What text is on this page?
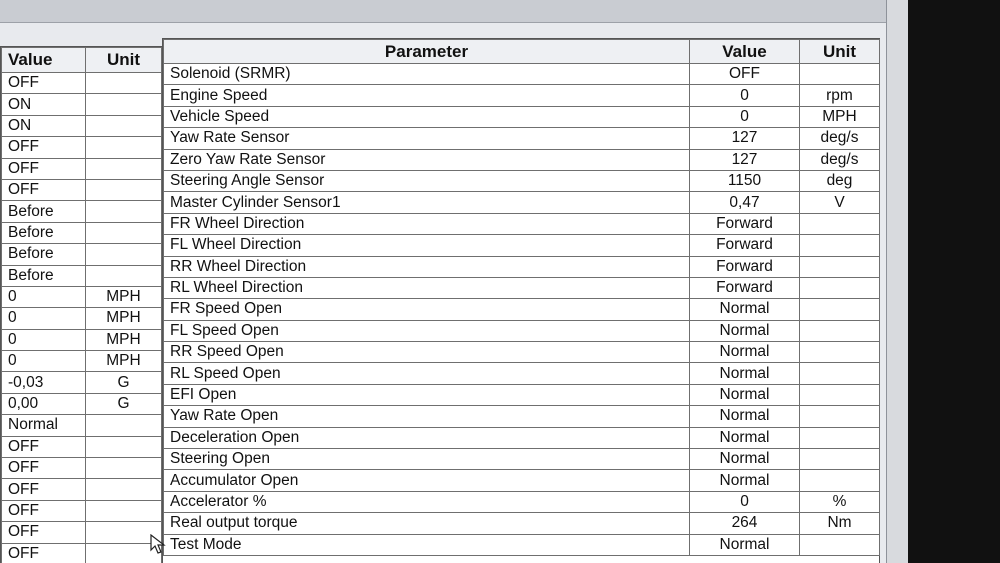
Value	Unit
OFF	
ON	
ON	
OFF	
OFF	
OFF	
Before	
Before	
Before	
Before	
0	MPH
0	MPH
0	MPH
0	MPH
-0,03	G
0,00	G
Normal	
OFF	
OFF	
OFF	
OFF	
OFF	
OFF	
Parameter	Value	Unit
Solenoid (SRMR)	OFF	
Engine Speed	0	rpm
Vehicle Speed	0	MPH
Yaw Rate Sensor	127	deg/s
Zero Yaw Rate Sensor	127	deg/s
Steering Angle Sensor	1150	deg
Master Cylinder Sensor1	0,47	V
FR Wheel Direction	Forward	
FL Wheel Direction	Forward	
RR Wheel Direction	Forward	
RL Wheel Direction	Forward	
FR Speed Open	Normal	
FL Speed Open	Normal	
RR Speed Open	Normal	
RL Speed Open	Normal	
EFI Open	Normal	
Yaw Rate Open	Normal	
Deceleration Open	Normal	
Steering Open	Normal	
Accumulator Open	Normal	
Accelerator %	0	%
Real output torque	264	Nm
Test Mode	Normal	
